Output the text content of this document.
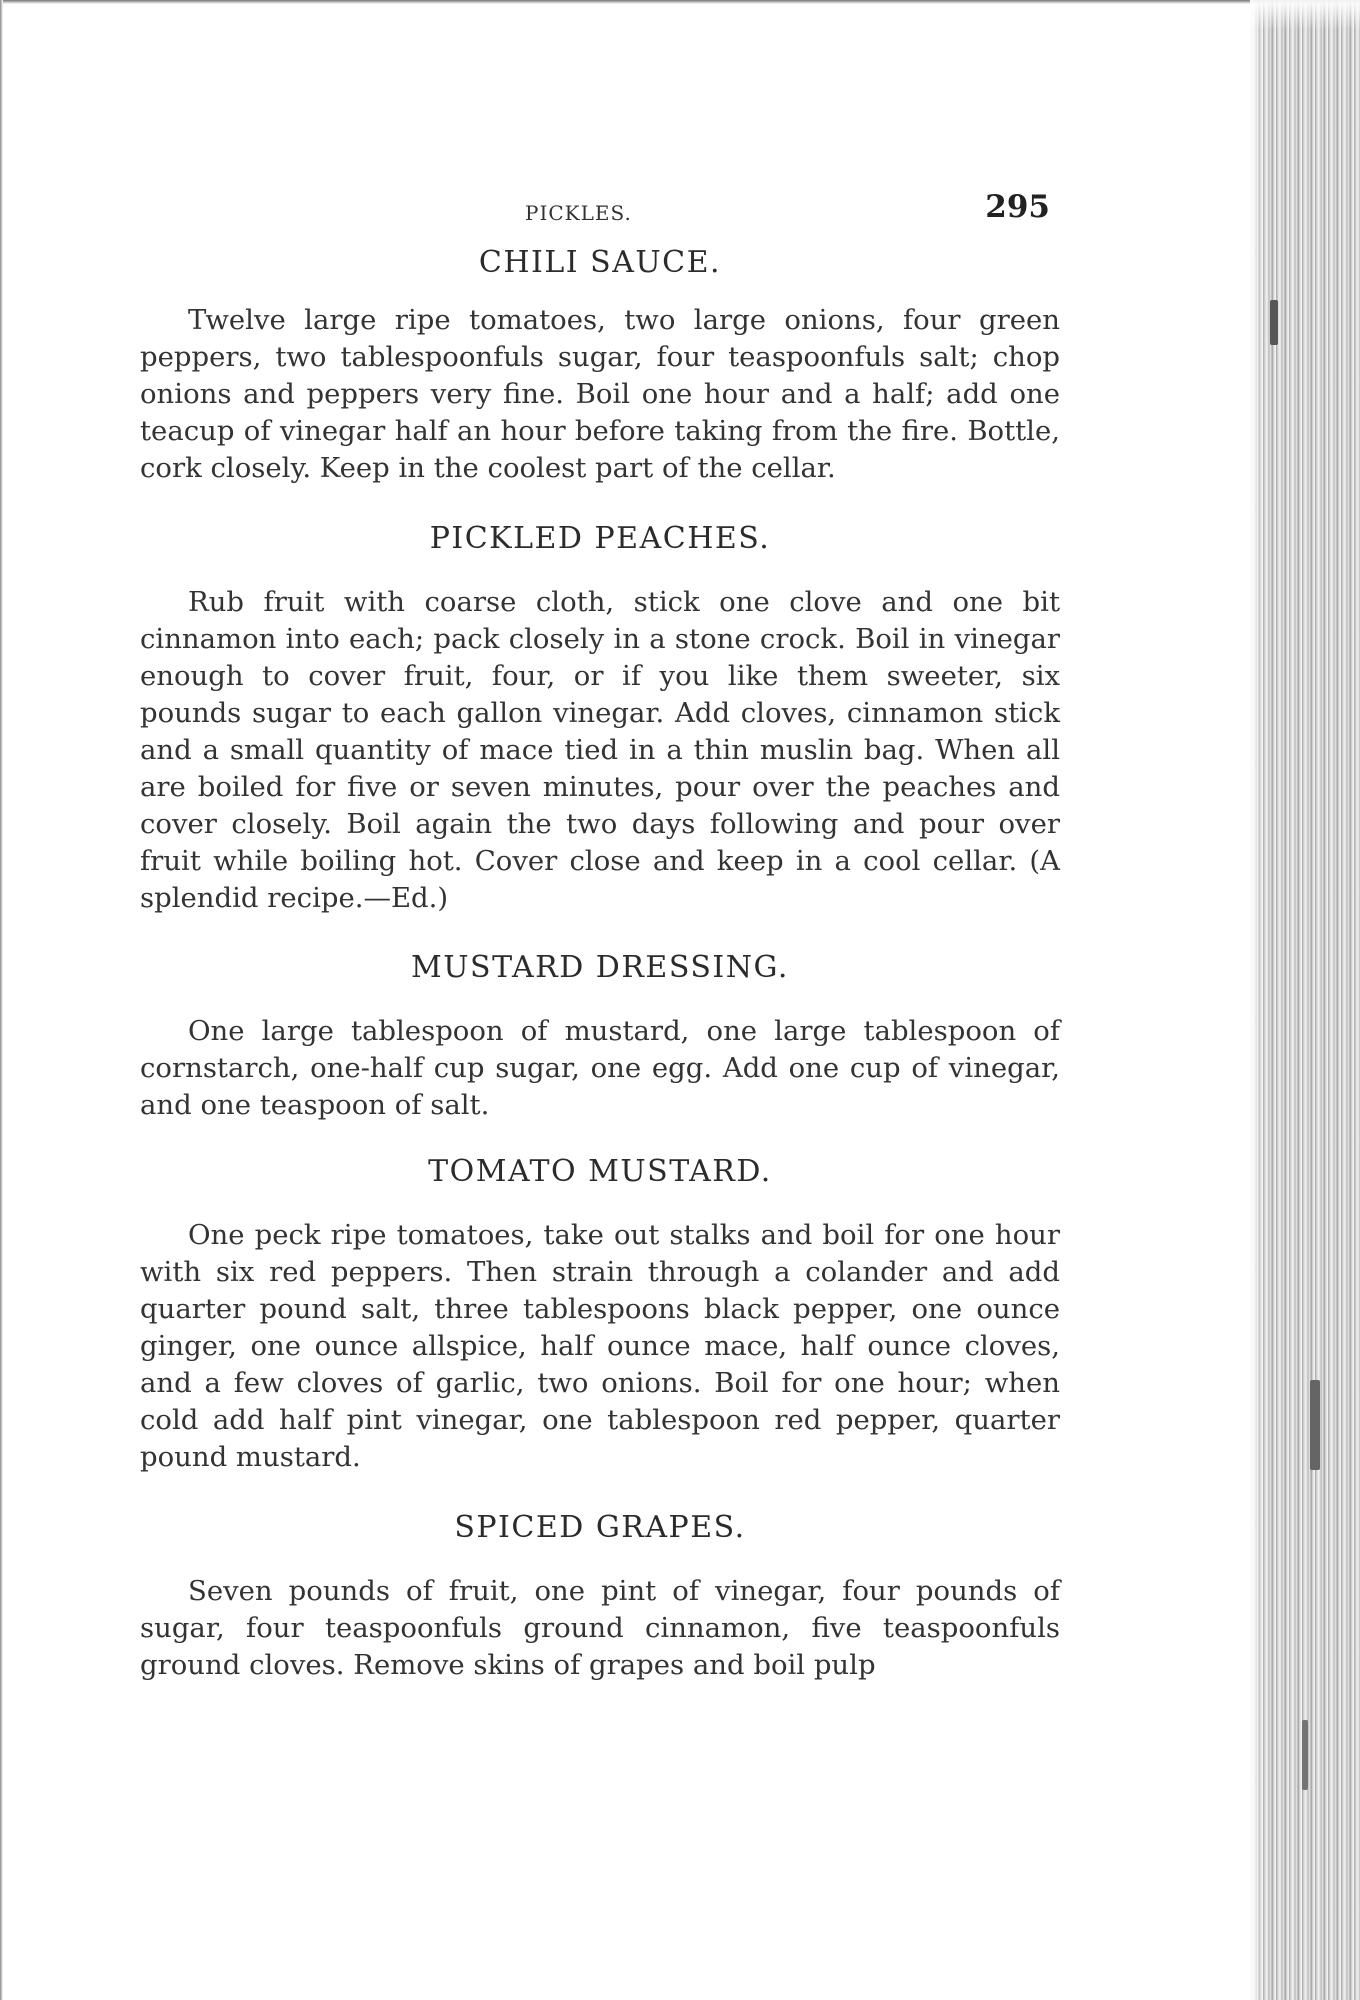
PICKLES.	295
CHILI SAUCE.

Twelve large ripe tomatoes, two large onions, four green peppers, two tablespoonfuls sugar, four teaspoonfuls salt; chop onions and peppers very fine. Boil one hour and a half; add one teacup of vinegar half an hour before taking from the fire. Bottle, cork closely. Keep in the coolest part of the cellar.

PICKLED PEACHES.

Rub fruit with coarse cloth, stick one clove and one bit cinnamon into each; pack closely in a stone crock. Boil in vinegar enough to cover fruit, four, or if you like them sweeter, six pounds sugar to each gallon vinegar. Add cloves, cinnamon stick and a small quantity of mace tied in a thin muslin bag. When all are boiled for five or seven minutes, pour over the peaches and cover closely. Boil again the two days following and pour over fruit while boiling hot. Cover close and keep in a cool cellar. (A splendid recipe.—Ed.)

MUSTARD DRESSING.

One large tablespoon of mustard, one large tablespoon of cornstarch, one-half cup sugar, one egg. Add one cup of vinegar, and one teaspoon of salt.

TOMATO MUSTARD.

One peck ripe tomatoes, take out stalks and boil for one hour with six red peppers. Then strain through a colander and add quarter pound salt, three tablespoons black pepper, one ounce ginger, one ounce allspice, half ounce mace, half ounce cloves, and a few cloves of garlic, two onions. Boil for one hour; when cold add half pint vinegar, one tablespoon red pepper, quarter pound mustard.

SPICED GRAPES.

Seven pounds of fruit, one pint of vinegar, four pounds of sugar, four teaspoonfuls ground cinnamon, five teaspoonfuls ground cloves. Remove skins of grapes and boil pulp
